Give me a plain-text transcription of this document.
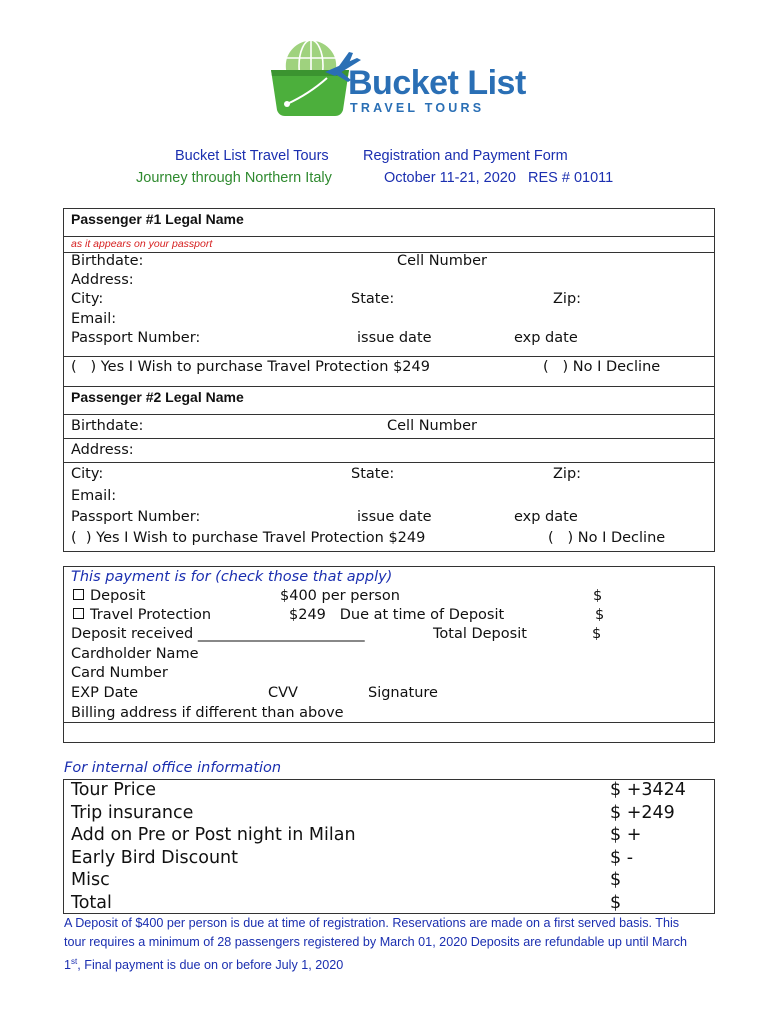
Bucket List
TRAVEL TOURS
Bucket List Travel Tours Registration and Payment Form
Journey through Northern Italy	October 11-21, 2020   RES # 01011
Passenger #1 Legal Name
as it appears on your passport
Birthdate:	Cell Number
Address:
City:	State:	Zip:
Email:
Passport Number:	issue date	exp date
(   ) Yes I Wish to purchase Travel Protection $249	(   ) No I Decline
Passenger #2 Legal Name
Birthdate:	Cell Number
Address:
City:	State:	Zip:
Email:
Passport Number:	issue date	exp date
(  ) Yes I Wish to purchase Travel Protection $249	(   ) No I Decline
This payment is for (check those that apply)
Deposit	$400 per person	$
Travel Protection	$249   Due at time of Deposit	$
Deposit received _______________________	Total Deposit	$
Cardholder Name
Card Number
EXP Date	CVV	Signature
Billing address if different than above
For internal office information
Tour Price	$ +3424
Trip insurance	$ +249
Add on Pre or Post night in Milan	$ +
Early Bird Discount	$ -
Misc	$
Total	$
A Deposit of $400 per person is due at time of registration. Reservations are made on a first served basis. This tour requires a minimum of 28 passengers registered by March 01, 2020 Deposits are refundable up until March 1st, Final payment is due on or before July 1, 2020
